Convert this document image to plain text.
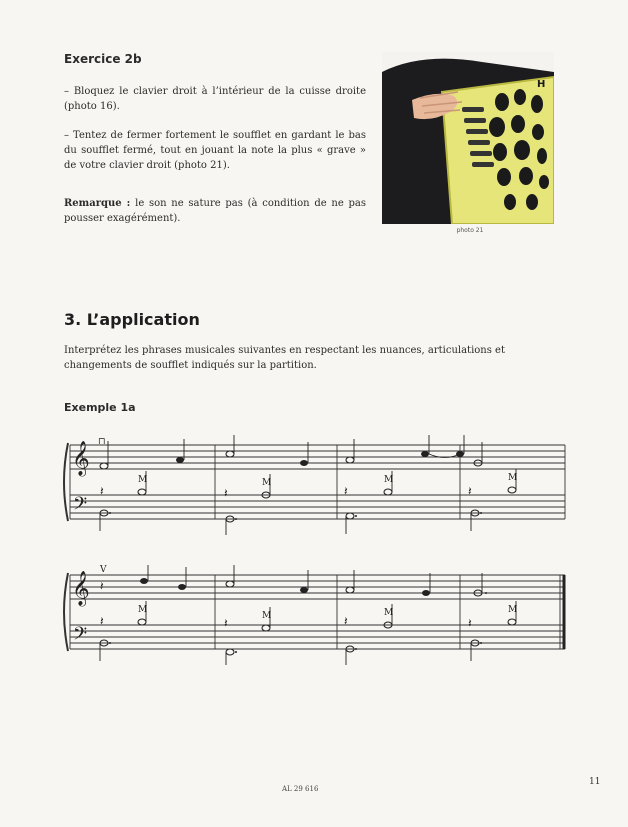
Exercice 2b
– Bloquez le clavier droit à l’intérieur de la cuisse droite (photo 16).
– Tentez de fermer fortement le soufflet en gardant le bas du soufflet fermé, tout en jouant la note la plus « grave » de votre clavier droit (photo 21).
Remarque : le son ne sature pas (à condition de ne pas pousser exagérément).
H
photo 21
3. L’application
Interprétez les phrases musicales suivantes en respectant les nuances, articulations et changements de soufflet indiqués sur la partition.
Exemple 1a
𝄞
𝄢
⊓
M	M	M	M
𝄽	𝄽	𝄽	𝄽
𝄞
𝄢
V
𝄽
𝄽	𝄽	𝄽	𝄽
M
M	M	M
AL 29 616
11
